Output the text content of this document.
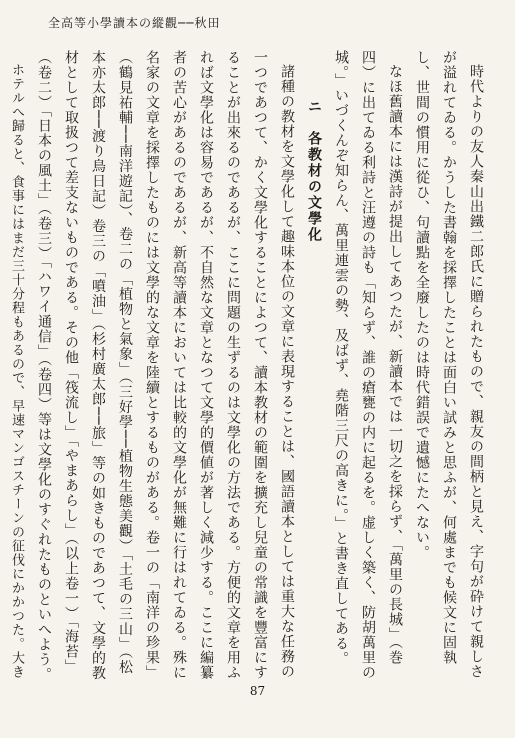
全高等小學讀本の縱觀──秋田

時代よりの友人秦山出鐵二郎氏に贈られたもので、親友の間柄と見え、字句が砕けて親しさが溢れてゐる。かうした書翰を採擇したことは面白い試みと思ふが、何處までも候文に固執し、世間の慣用に從ひ、句讀點を全廢したのは時代錯誤で遺憾にたへない。

なほ舊讀本には漢詩が提出してあつたが、新讀本では一切之を採らず、「萬里の長城」（巻四）に出てゐる利詩と汪遵の詩も「知らず、誰の瘡甕の内に起るを。虚しく築く、防胡萬里の城。」いづくんぞ知らん、萬里連雲の勢、及ばず、堯階三尺の高きに。」と書き直してある。

ニ　各教材の文學化

諸種の教材を文學化して趣味本位の文章に表現することは、國語讀本としては重大な任務の一つであつて、かく文學化することによつて、讀本教材の範圍を擴充し兒童の常識を豐富にすることが出來るのであるが、ここに問題の生ずるのは文學化の方法である。方便的文章を用ふれば文學化は容易であるが、不自然な文章となつて文學的價値が著しく減少する。ここに編纂者の苦心があるのであるが、新高等讀本においては比較的文學化が無難に行はれてゐる。殊に名家の文章を採擇したものには文學的な文章を陸續とするものがある。卷一の「南洋の珍果」（鶴見祐輔──南洋遊記）、卷二の「植物と氣象」（三好學──植物生態美觀）「土毛の三山」（松本亦太郎──渡り鳥日記）卷三の「噴油」（杉村廣太郎──旅」等の如きものであつて、文學的教材として取扱つて差支ないものである。その他「筏流し」「やまあらし」（以上卷一）「海苔」（卷二）「日本の風土」（卷三）「ハワイ通信」（卷四）等は文學化のすぐれたものといへよう。

ホテルへ歸ると、食事にはまだ三十分程もあるので、早速マンゴスチーンの征伐にかかつた。大き

87
